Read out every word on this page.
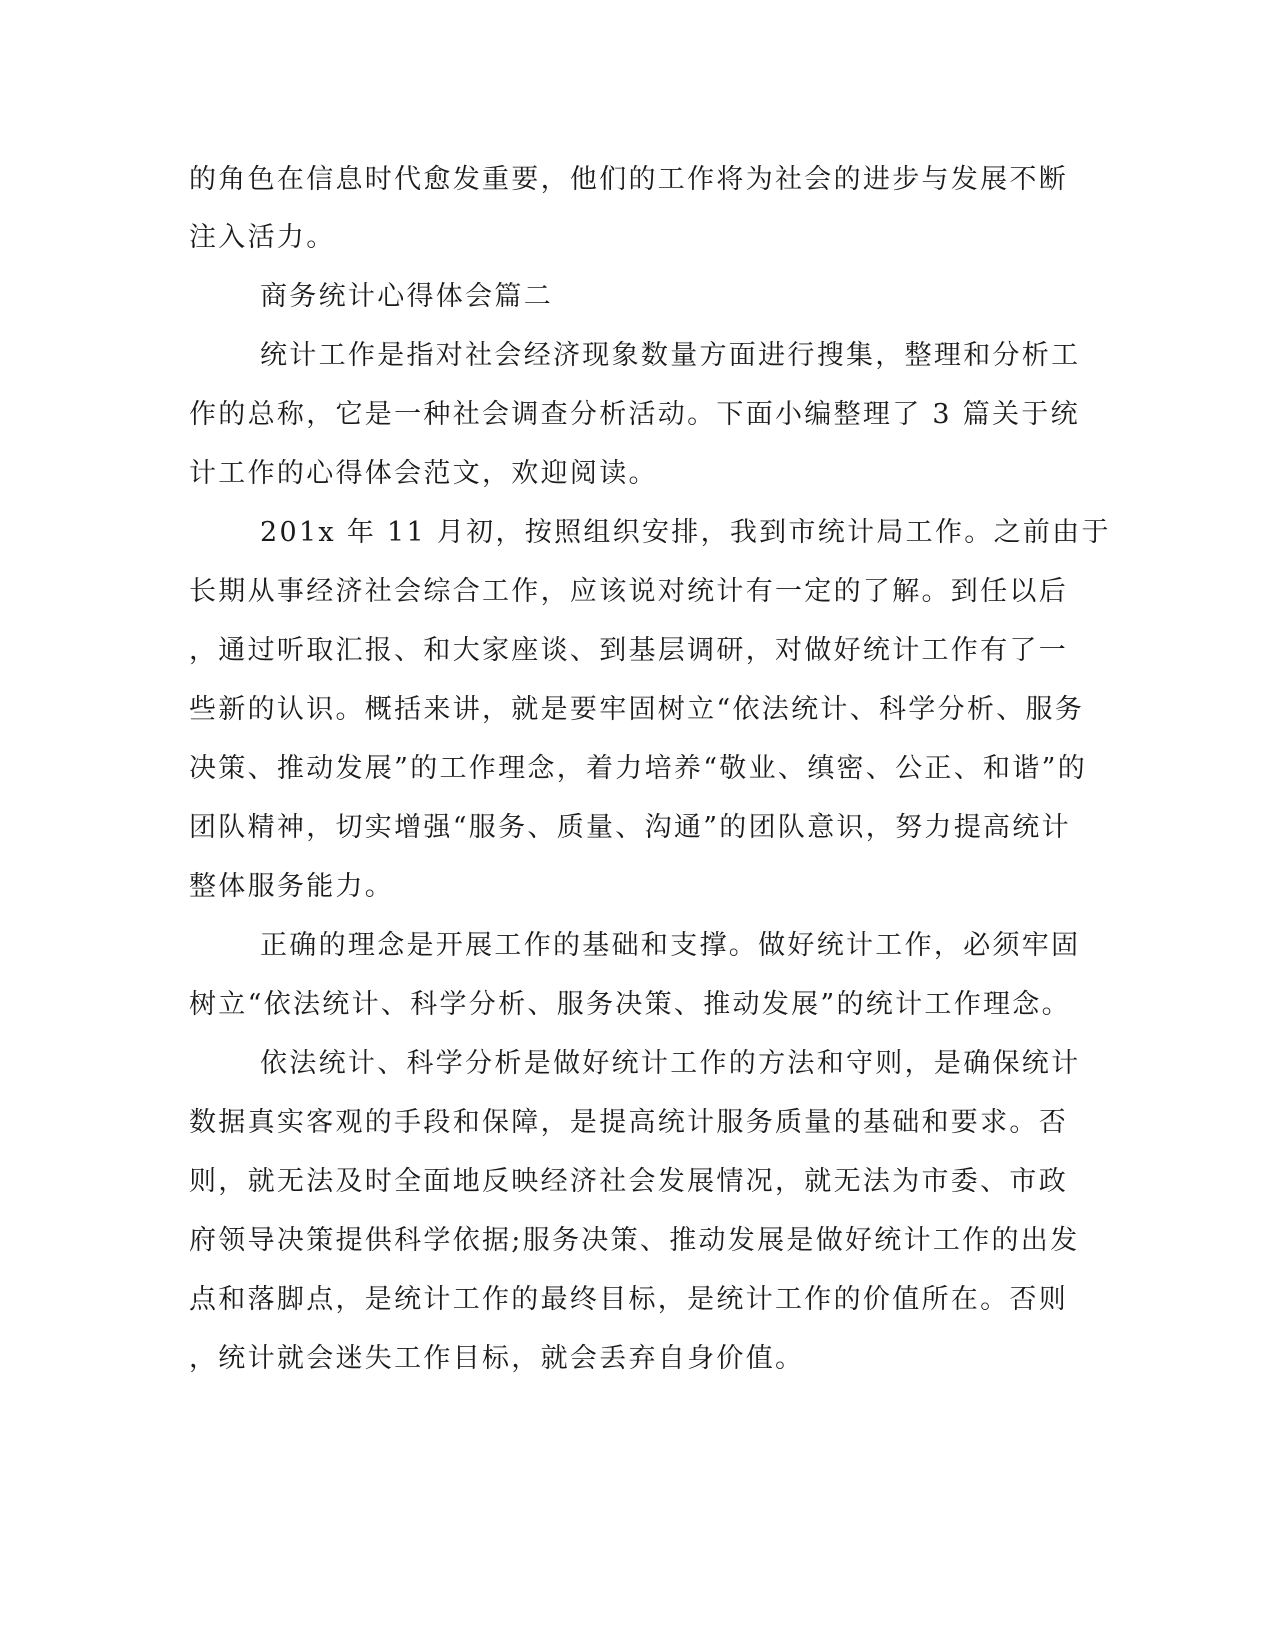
的角色在信息时代愈发重要，他们的工作将为社会的进步与发展不断
注入活力。
商务统计心得体会篇二
统计工作是指对社会经济现象数量方面进行搜集，整理和分析工
作的总称，它是一种社会调查分析活动。下面小编整理了 3 篇关于统
计工作的心得体会范文，欢迎阅读。
201x 年 11 月初，按照组织安排，我到市统计局工作。之前由于
长期从事经济社会综合工作，应该说对统计有一定的了解。到任以后
，通过听取汇报、和大家座谈、到基层调研，对做好统计工作有了一
些新的认识。概括来讲，就是要牢固树立“依法统计、科学分析、服务
决策、推动发展”的工作理念，着力培养“敬业、缜密、公正、和谐”的
团队精神，切实增强“服务、质量、沟通”的团队意识，努力提高统计
整体服务能力。
正确的理念是开展工作的基础和支撑。做好统计工作，必须牢固
树立“依法统计、科学分析、服务决策、推动发展”的统计工作理念。
依法统计、科学分析是做好统计工作的方法和守则，是确保统计
数据真实客观的手段和保障，是提高统计服务质量的基础和要求。否
则，就无法及时全面地反映经济社会发展情况，就无法为市委、市政
府领导决策提供科学依据;服务决策、推动发展是做好统计工作的出发
点和落脚点，是统计工作的最终目标，是统计工作的价值所在。否则
，统计就会迷失工作目标，就会丢弃自身价值。
